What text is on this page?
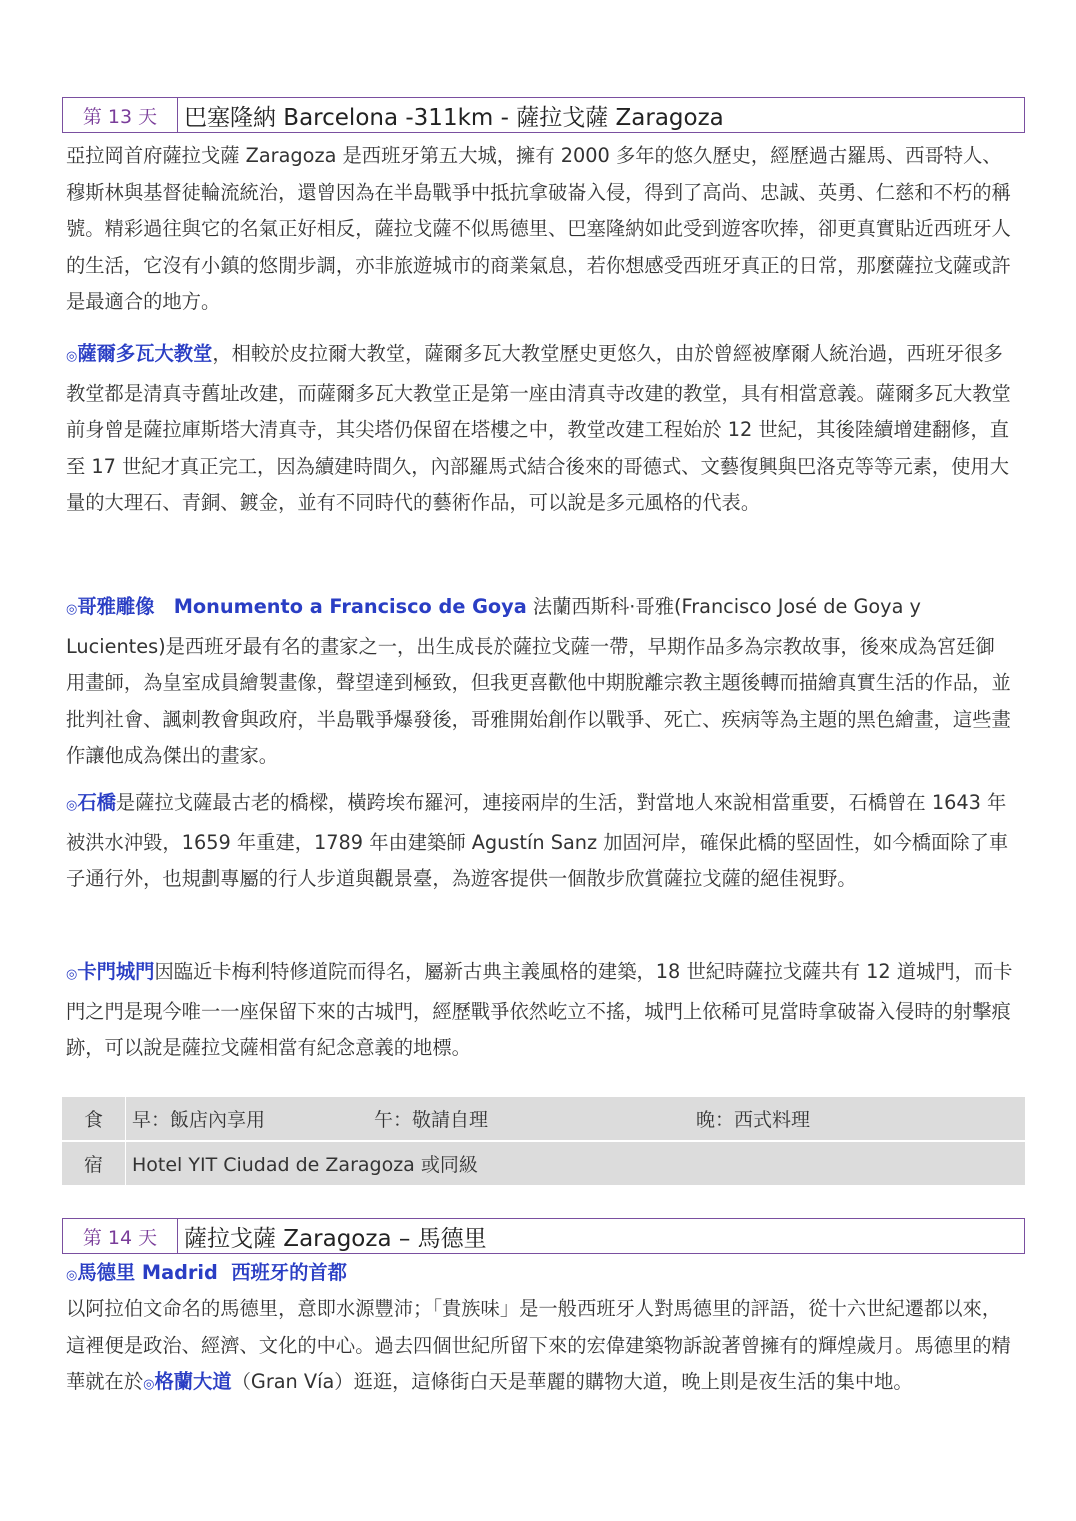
第 13 天	巴塞隆納 Barcelona -311km - 薩拉戈薩 Zaragoza

亞拉岡首府薩拉戈薩 Zaragoza 是西班牙第五大城，擁有 2000 多年的悠久歷史，經歷過古羅馬、西哥特人、穆斯林與基督徒輪流統治，還曾因為在半島戰爭中抵抗拿破崙入侵，得到了高尚、忠誠、英勇、仁慈和不朽的稱號。精彩過往與它的名氣正好相反，薩拉戈薩不似馬德里、巴塞隆納如此受到遊客吹捧，卻更真實貼近西班牙人的生活，它沒有小鎮的悠閒步調，亦非旅遊城市的商業氣息，若你想感受西班牙真正的日常，那麼薩拉戈薩或許是最適合的地方。

◎薩爾多瓦大教堂，相較於皮拉爾大教堂，薩爾多瓦大教堂歷史更悠久，由於曾經被摩爾人統治過，西班牙很多教堂都是清真寺舊址改建，而薩爾多瓦大教堂正是第一座由清真寺改建的教堂，具有相當意義。薩爾多瓦大教堂前身曾是薩拉庫斯塔大清真寺，其尖塔仍保留在塔樓之中，教堂改建工程始於 12 世紀，其後陸續增建翻修，直至 17 世紀才真正完工，因為續建時間久，內部羅馬式結合後來的哥德式、文藝復興與巴洛克等等元素，使用大量的大理石、青銅、鍍金，並有不同時代的藝術作品，可以說是多元風格的代表。

◎哥雅雕像　Monumento a Francisco de Goya 法蘭西斯科·哥雅(Francisco José de Goya y Lucientes)是西班牙最有名的畫家之一，出生成長於薩拉戈薩一帶，早期作品多為宗教故事，後來成為宮廷御用畫師，為皇室成員繪製畫像，聲望達到極致，但我更喜歡他中期脫離宗教主題後轉而描繪真實生活的作品，並批判社會、諷刺教會與政府，半島戰爭爆發後，哥雅開始創作以戰爭、死亡、疾病等為主題的黑色繪畫，這些畫作讓他成為傑出的畫家。

◎石橋是薩拉戈薩最古老的橋樑，橫跨埃布羅河，連接兩岸的生活，對當地人來說相當重要，石橋曾在 1643 年被洪水沖毀，1659 年重建，1789 年由建築師 Agustín Sanz 加固河岸，確保此橋的堅固性，如今橋面除了車子通行外，也規劃專屬的行人步道與觀景臺，為遊客提供一個散步欣賞薩拉戈薩的絕佳視野。

◎卡門城門因臨近卡梅利特修道院而得名，屬新古典主義風格的建築，18 世紀時薩拉戈薩共有 12 道城門，而卡門之門是現今唯一一座保留下來的古城門，經歷戰爭依然屹立不搖，城門上依稀可見當時拿破崙入侵時的射擊痕跡，可以說是薩拉戈薩相當有紀念意義的地標。

食	早：飯店內享用	午：敬請自理	晚：西式料理
宿	Hotel YIT Ciudad de Zaragoza 或同級		
第 14 天	薩拉戈薩 Zaragoza – 馬德里

◎馬德里 Madrid  西班牙的首都

以阿拉伯文命名的馬德里，意即水源豐沛；「貴族味」是一般西班牙人對馬德里的評語，從十六世紀遷都以來，這裡便是政治、經濟、文化的中心。過去四個世紀所留下來的宏偉建築物訴說著曾擁有的輝煌歲月。馬德里的精華就在於◎格蘭大道（Gran Vía）逛逛，這條街白天是華麗的購物大道，晚上則是夜生活的集中地。
